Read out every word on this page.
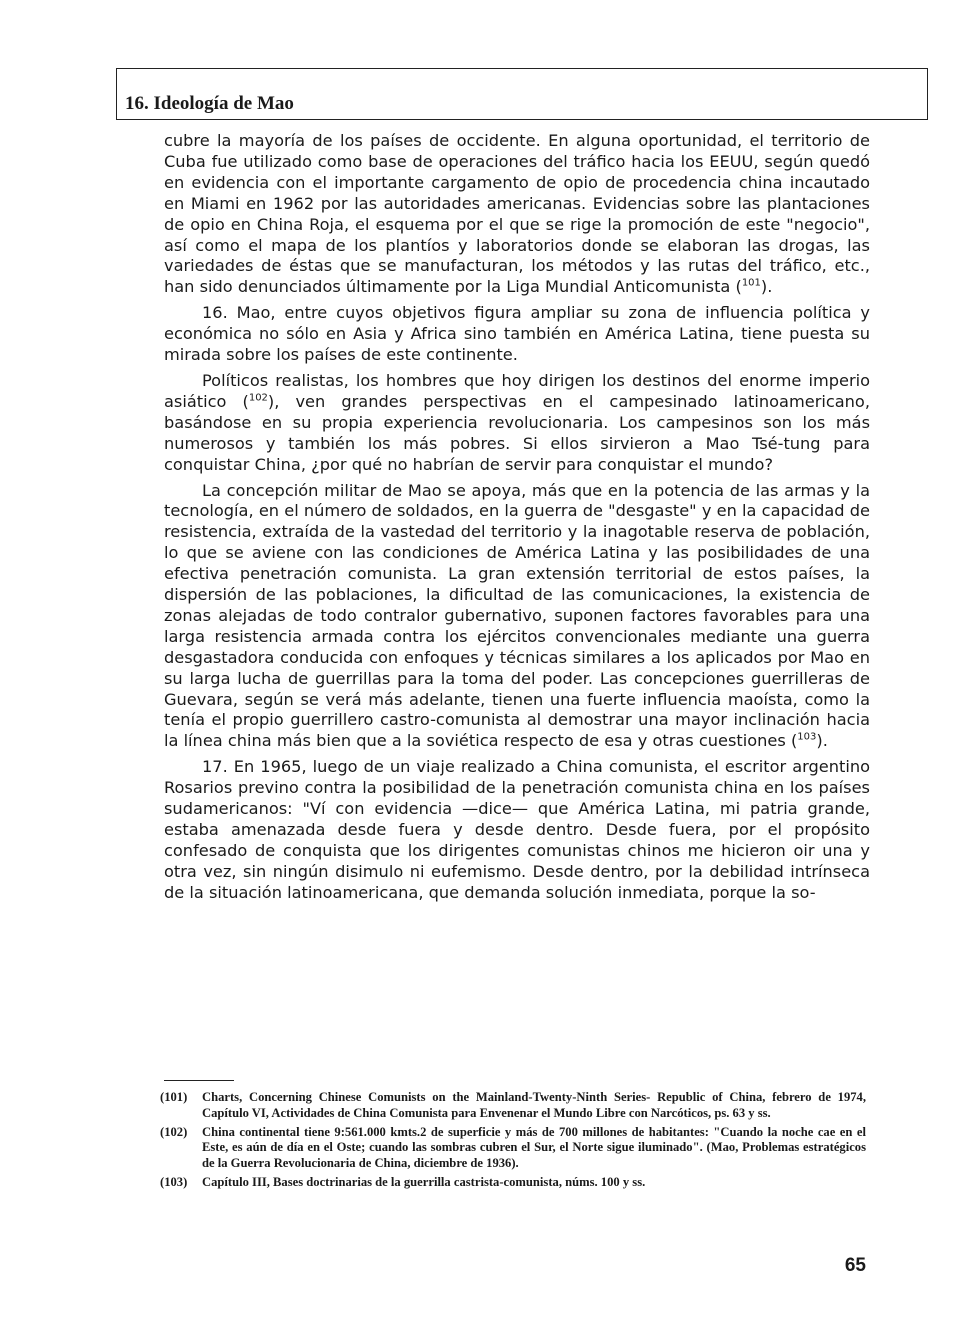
16. Ideología de Mao

cubre la mayoría de los países de occidente. En alguna oportunidad, el territorio de Cuba fue utilizado como base de operaciones del tráfico hacia los EEUU, según quedó en evidencia con el importante cargamento de opio de procedencia china incautado en Miami en 1962 por las autoridades americanas. Evidencias sobre las plantaciones de opio en China Roja, el esquema por el que se rige la promoción de este "negocio", así como el mapa de los plantíos y laboratorios donde se elaboran las drogas, las variedades de éstas que se manufacturan, los métodos y las rutas del tráfico, etc., han sido denunciados últimamente por la Liga Mundial Anticomunista ($^{101}$).

16. Mao, entre cuyos objetivos figura ampliar su zona de influencia política y económica no sólo en Asia y Africa sino también en América Latina, tiene puesta su mirada sobre los países de este continente.

Políticos realistas, los hombres que hoy dirigen los destinos del enorme imperio asiático ($^{102}$), ven grandes perspectivas en el campesinado latinoamericano, basándose en su propia experiencia revolucionaria. Los campesinos son los más numerosos y también los más pobres. Si ellos sirvieron a Mao Tsé-tung para conquistar China, ¿por qué no habrían de servir para conquistar el mundo?

La concepción militar de Mao se apoya, más que en la potencia de las armas y la tecnología, en el número de soldados, en la guerra de "desgaste" y en la capacidad de resistencia, extraída de la vastedad del territorio y la inagotable reserva de población, lo que se aviene con las condiciones de América Latina y las posibilidades de una efectiva penetración comunista. La gran extensión territorial de estos países, la dispersión de las poblaciones, la dificultad de las comunicaciones, la existencia de zonas alejadas de todo contralor gubernativo, suponen factores favorables para una larga resistencia armada contra los ejércitos convencionales mediante una guerra desgastadora conducida con enfoques y técnicas similares a los aplicados por Mao en su larga lucha de guerrillas para la toma del poder. Las concepciones guerrilleras de Guevara, según se verá más adelante, tienen una fuerte influencia maoísta, como la tenía el propio guerrillero castro-comunista al demostrar una mayor inclinación hacia la línea china más bien que a la soviética respecto de esa y otras cuestiones ($^{103}$).

17. En 1965, luego de un viaje realizado a China comunista, el escritor argentino Rosarios previno contra la posibilidad de la penetración comunista china en los países sudamericanos: "Ví con evidencia —dice— que América Latina, mi patria grande, estaba amenazada desde fuera y desde dentro. Desde fuera, por el propósito confesado de conquista que los dirigentes comunistas chinos me hicieron oir una y otra vez, sin ningún disimulo ni eufemismo. Desde dentro, por la debilidad intrínseca de la situación latinoamericana, que demanda solución inmediata, porque la so-

(101)	Charts, Concerning Chinese Comunists on the Mainland-Twenty-Ninth Series- Republic of China, febrero de 1974, Capítulo VI, Actividades de China Comunista para Envenenar el Mundo Libre con Narcóticos, ps. 63 y ss.
(102)	China continental tiene 9:561.000 kmts.2 de superficie y más de 700 millones de habitantes: "Cuando la noche cae en el Este, es aún de día en el Oste; cuando las sombras cubren el Sur, el Norte sigue iluminado". (Mao, Problemas estratégicos de la Guerra Revolucionaria de China, diciembre de 1936).
(103)	Capítulo III, Bases doctrinarias de la guerrilla castrista-comunista, núms. 100 y ss.
65
